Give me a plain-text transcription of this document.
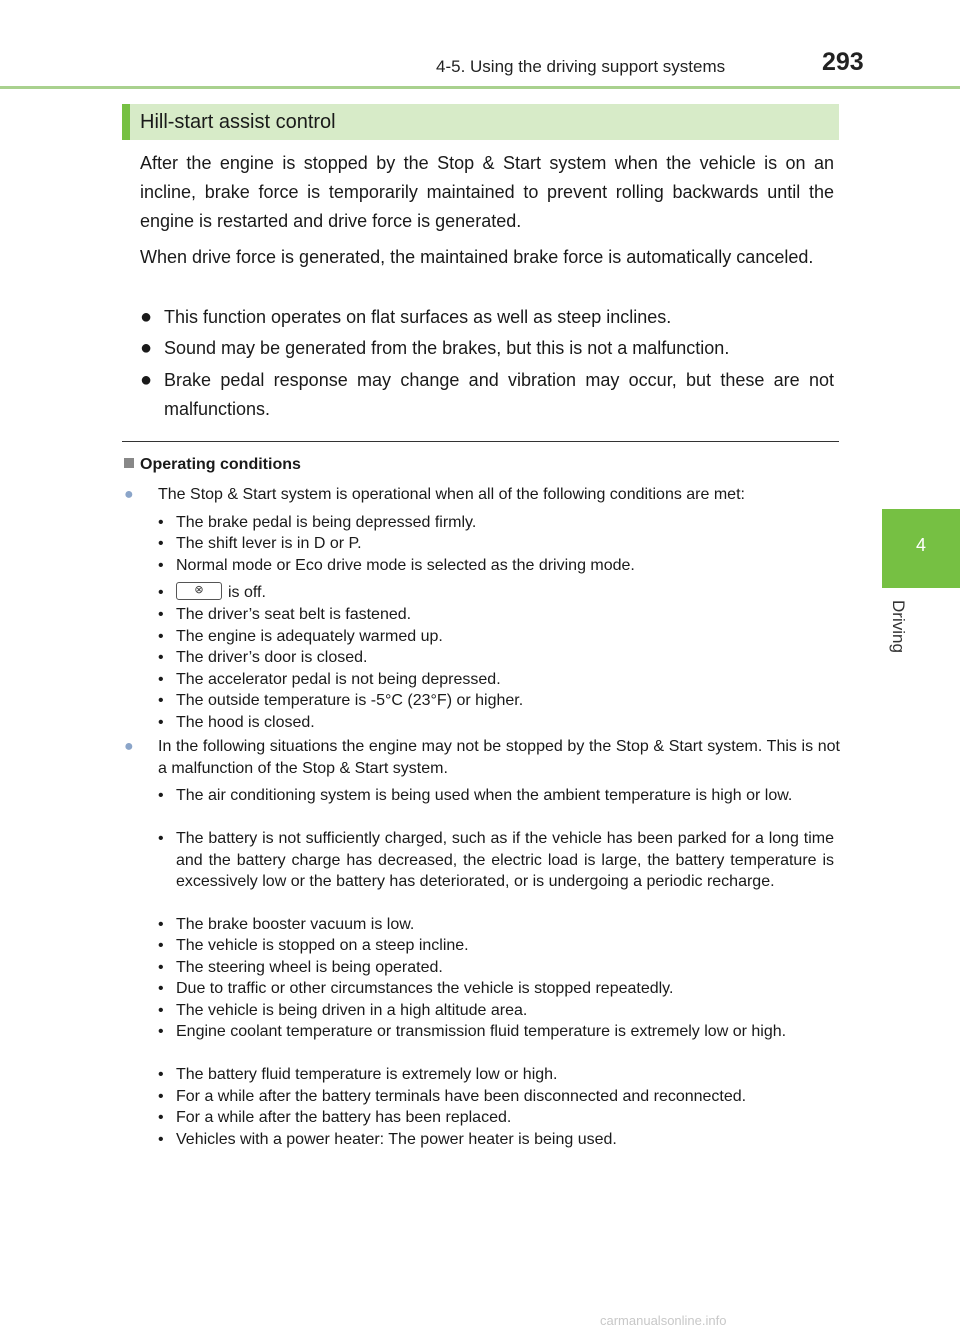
4-5. Using the driving support systems	293
4
Driving
Hill-start assist control
After the engine is stopped by the Stop & Start system when the vehicle is on an incline, brake force is temporarily maintained to prevent rolling backwards until the engine is restarted and drive force is generated.
When drive force is generated, the maintained brake force is automatically canceled.
● This function operates on flat surfaces as well as steep inclines.
● Sound may be generated from the brakes, but this is not a malfunction.
● Brake pedal response may change and vibration may occur, but these are not malfunctions.
Operating conditions
● The Stop & Start system is operational when all of the following conditions are met:
• The brake pedal is being depressed firmly.
• The shift lever is in D or P.
• Normal mode or Eco drive mode is selected as the driving mode.
•	⊗	is off.
• The driver’s seat belt is fastened.
• The engine is adequately warmed up.
• The driver’s door is closed.
• The accelerator pedal is not being depressed.
• The outside temperature is -5°C (23°F) or higher.
• The hood is closed.
● In the following situations the engine may not be stopped by the Stop & Start system. This is not a malfunction of the Stop & Start system.
• The air conditioning system is being used when the ambient temperature is high or low.
• The battery is not sufficiently charged, such as if the vehicle has been parked for a long time and the battery charge has decreased, the electric load is large, the battery temperature is excessively low or the battery has deteriorated, or is undergoing a periodic recharge.
• The brake booster vacuum is low.
• The vehicle is stopped on a steep incline.
• The steering wheel is being operated.
• Due to traffic or other circumstances the vehicle is stopped repeatedly.
• The vehicle is being driven in a high altitude area.
• Engine coolant temperature or transmission fluid temperature is extremely low or high.
• The battery fluid temperature is extremely low or high.
• For a while after the battery terminals have been disconnected and reconnected.
• For a while after the battery has been replaced.
• Vehicles with a power heater: The power heater is being used.
carmanualsonline.info
